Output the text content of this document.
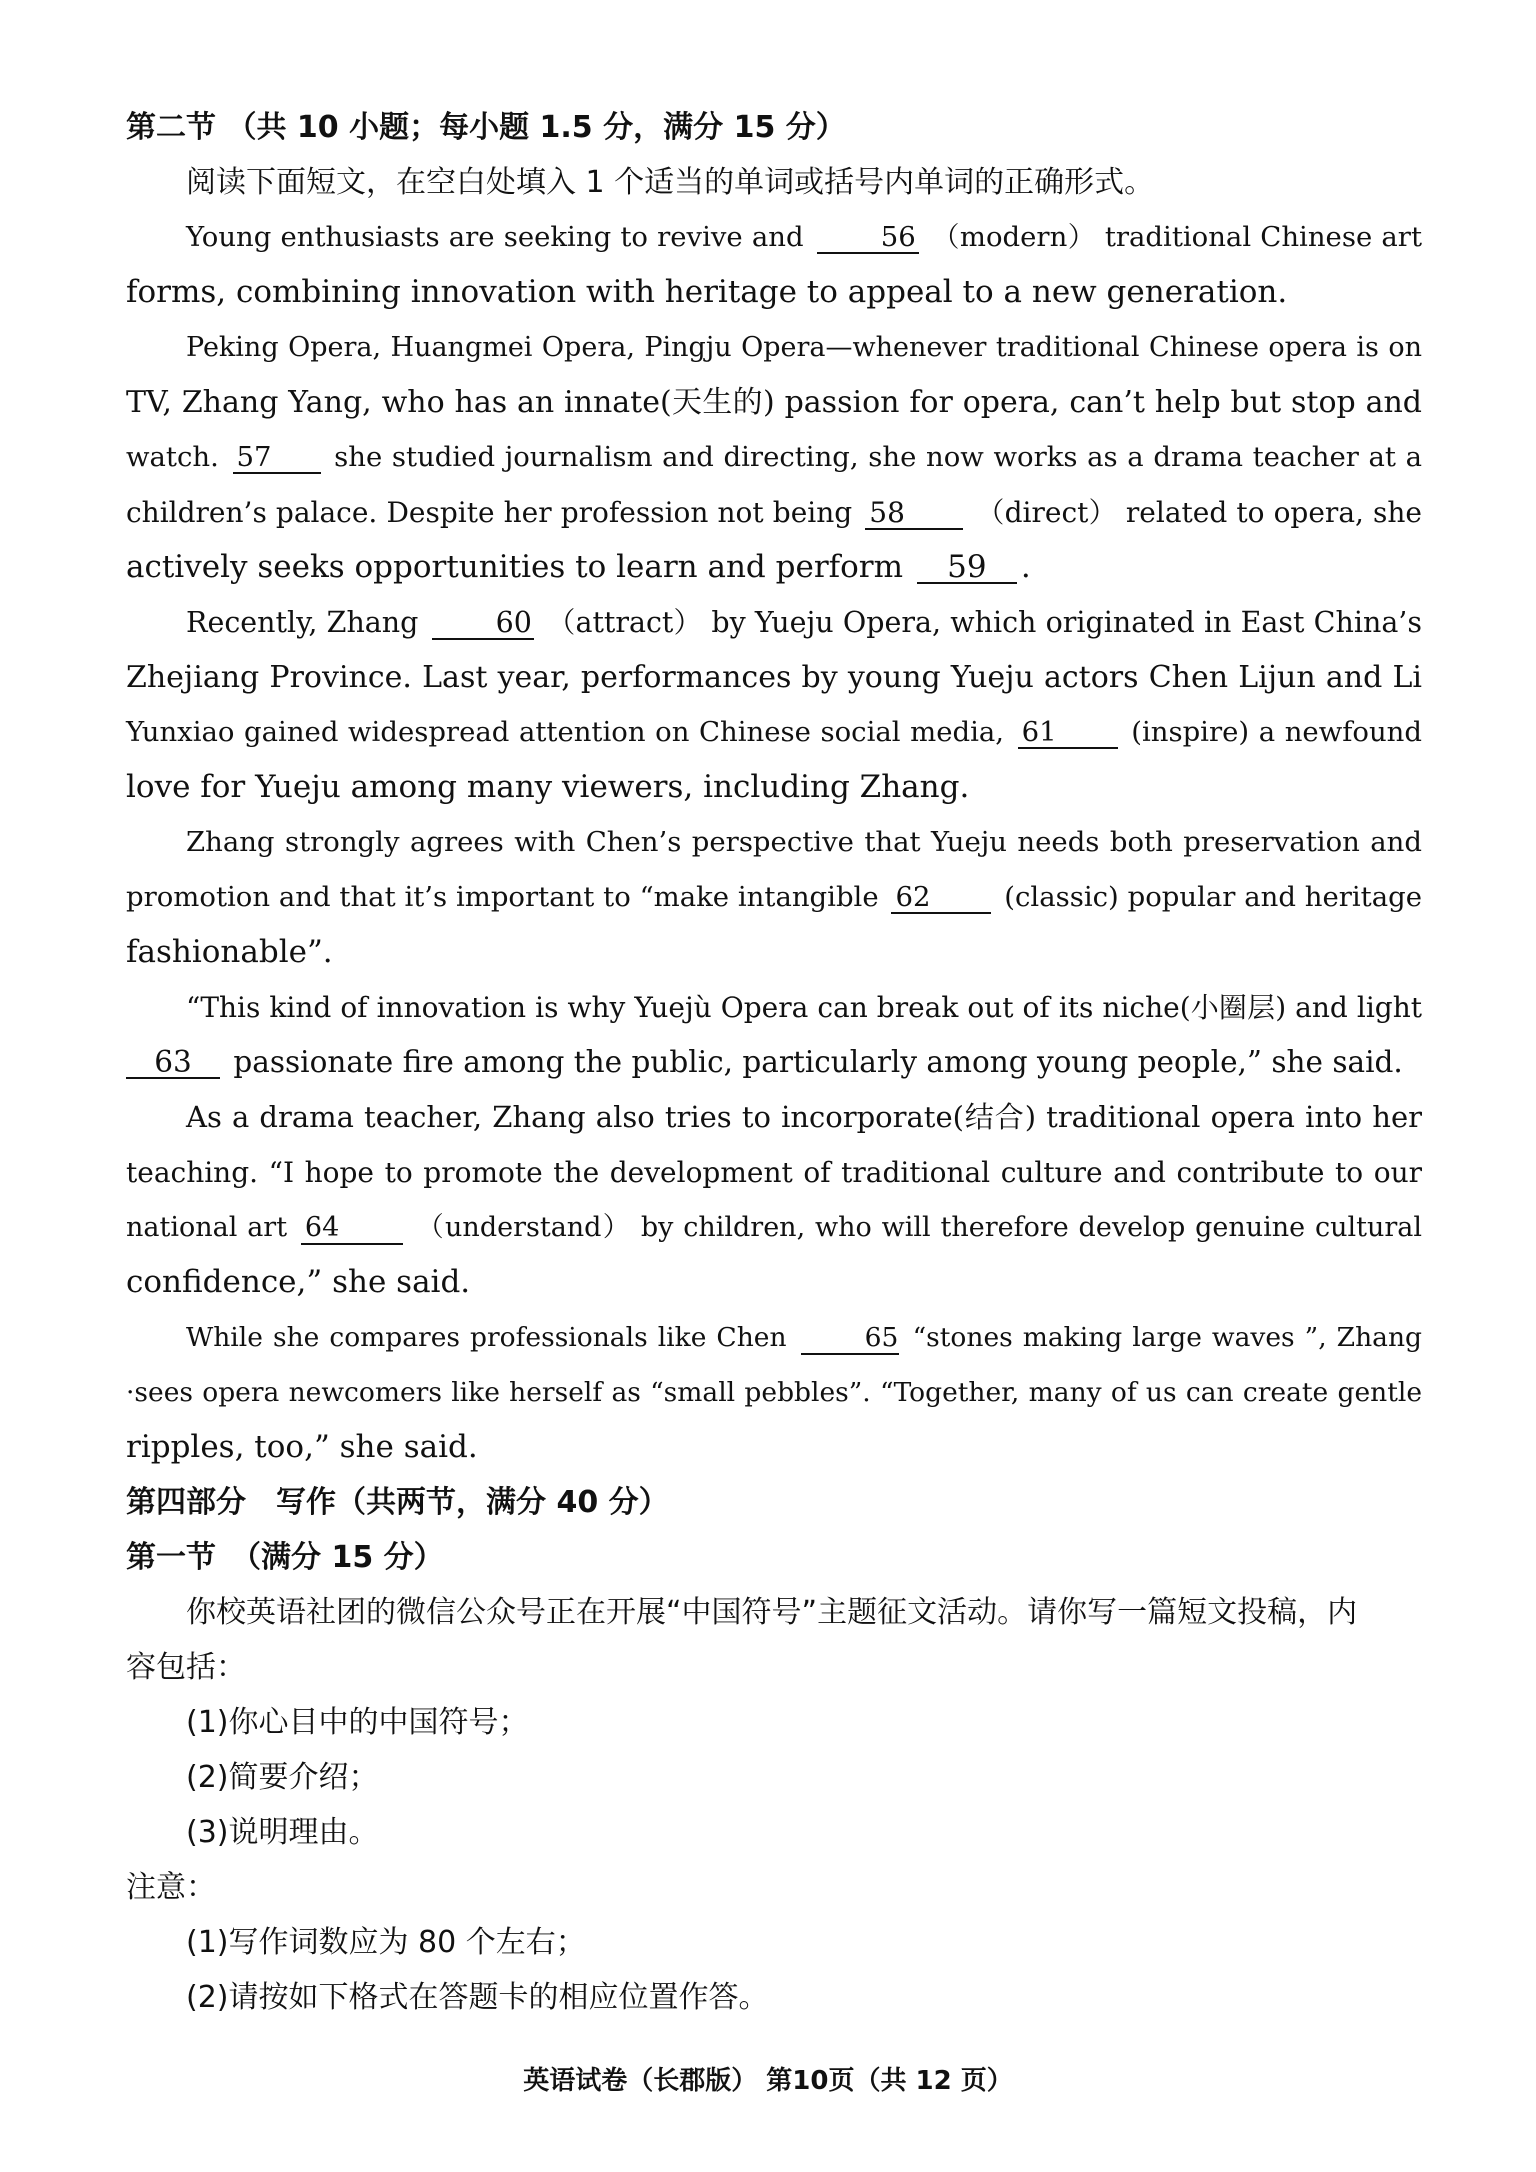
第二节 （共 10 小题；每小题 1.5 分，满分 15 分）

阅读下面短文，在空白处填入 1 个适当的单词或括号内单词的正确形式。

Young enthusiasts are seeking to revive and	56 （modern） traditional Chinese art

forms, combining innovation with heritage to appeal to a new generation.

Peking Opera, Huangmei Opera, Pingju Opera—whenever traditional Chinese opera is on

TV, Zhang Yang, who has an innate(天生的) passion for opera, can’t help but stop and

watch. 57 she studied journalism and directing, she now works as a drama teacher at a

children’s palace. Despite her profession not being 58	（direct） related to opera, she

actively seeks opportunities to learn and perform 59 .

Recently, Zhang	60 （attract） by Yueju Opera, which originated in East China’s

Zhejiang Province. Last year, performances by young Yueju actors Chen Lijun and Li

Yunxiao gained widespread attention on Chinese social media, 61	(inspire) a newfound

love for Yueju among many viewers, including Zhang.

Zhang strongly agrees with Chen’s perspective that Yueju needs both preservation and

promotion and that it’s important to “make intangible 62	(classic) popular and heritage

fashionable”.

“This kind of innovation is why Yuejù Opera can break out of its niche(小圈层) and light

63 passionate fire among the public, particularly among young people,” she said.

As a drama teacher, Zhang also tries to incorporate(结合) traditional opera into her

teaching. “I hope to promote the development of traditional culture and contribute to our

national art 64	（understand） by children, who will therefore develop genuine cultural

confidence,” she said.

While she compares professionals like Chen	65 “stones making large waves ”, Zhang

·sees opera newcomers like herself as “small pebbles”. “Together, many of us can create gentle

ripples, too,” she said.

第四部分　写作（共两节，满分 40 分）

第一节　（满分 15 分）

你校英语社团的微信公众号正在开展“中国符号”主题征文活动。请你写一篇短文投稿，内

容包括：

(1)你心目中的中国符号；

(2)简要介绍；

(3)说明理由。

注意：

(1)写作词数应为 80 个左右；

(2)请按如下格式在答题卡的相应位置作答。

英语试卷（长郡版） 第10页（共 12 页）
